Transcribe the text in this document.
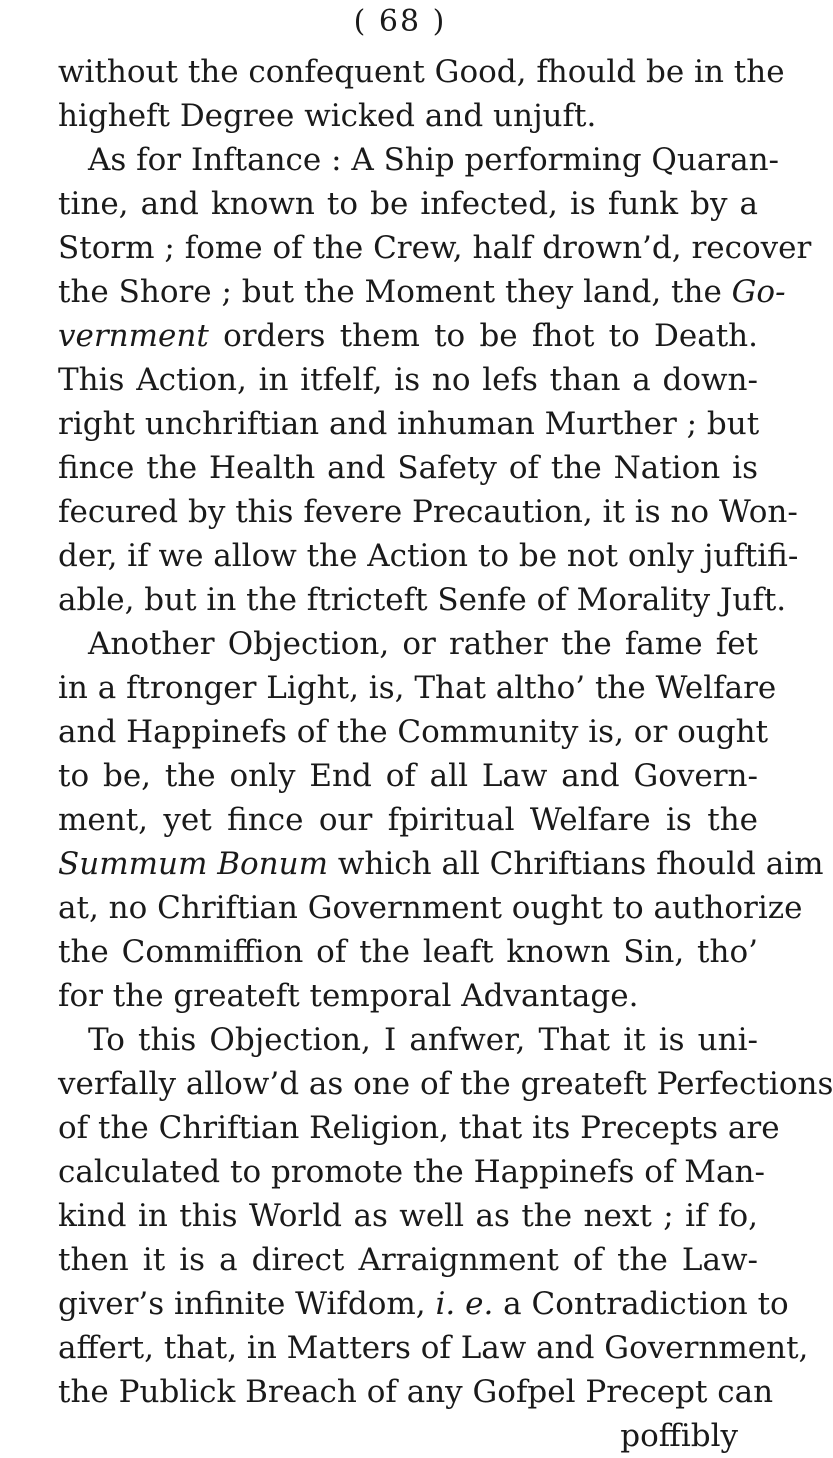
( 68 )
without the confequent Good, fhould be in the
higheft Degree wicked and unjuft.
As for Inftance : A Ship performing Quaran-
tine, and known to be infected, is funk by a
Storm ; fome of the Crew, half drown’d, recover
the Shore ; but the Moment they land, the Go-
vernment orders them to be fhot to Death.
This Action, in itfelf, is no lefs than a down-
right unchriftian and inhuman Murther ; but
fince the Health and Safety of the Nation is
fecured by this fevere Precaution, it is no Won-
der, if we allow the Action to be not only juftifi-
able, but in the ftricteft Senfe of Morality Juft.
Another Objection, or rather the fame fet
in a ftronger Light, is, That altho’ the Welfare
and Happinefs of the Community is, or ought
to be, the only End of all Law and Govern-
ment, yet fince our fpiritual Welfare is the
Summum Bonum which all Chriftians fhould aim
at, no Chriftian Government ought to authorize
the Commiffion of the leaft known Sin, tho’
for the greateft temporal Advantage.
To this Objection, I anfwer, That it is uni-
verfally allow’d as one of the greateft Perfections
of the Chriftian Religion, that its Precepts are
calculated to promote the Happinefs of Man-
kind in this World as well as the next ; if fo,
then it is a direct Arraignment of the Law-
giver’s infinite Wifdom, i. e. a Contradiction to
affert, that, in Matters of Law and Government,
the Publick Breach of any Gofpel Precept can
poffibly
